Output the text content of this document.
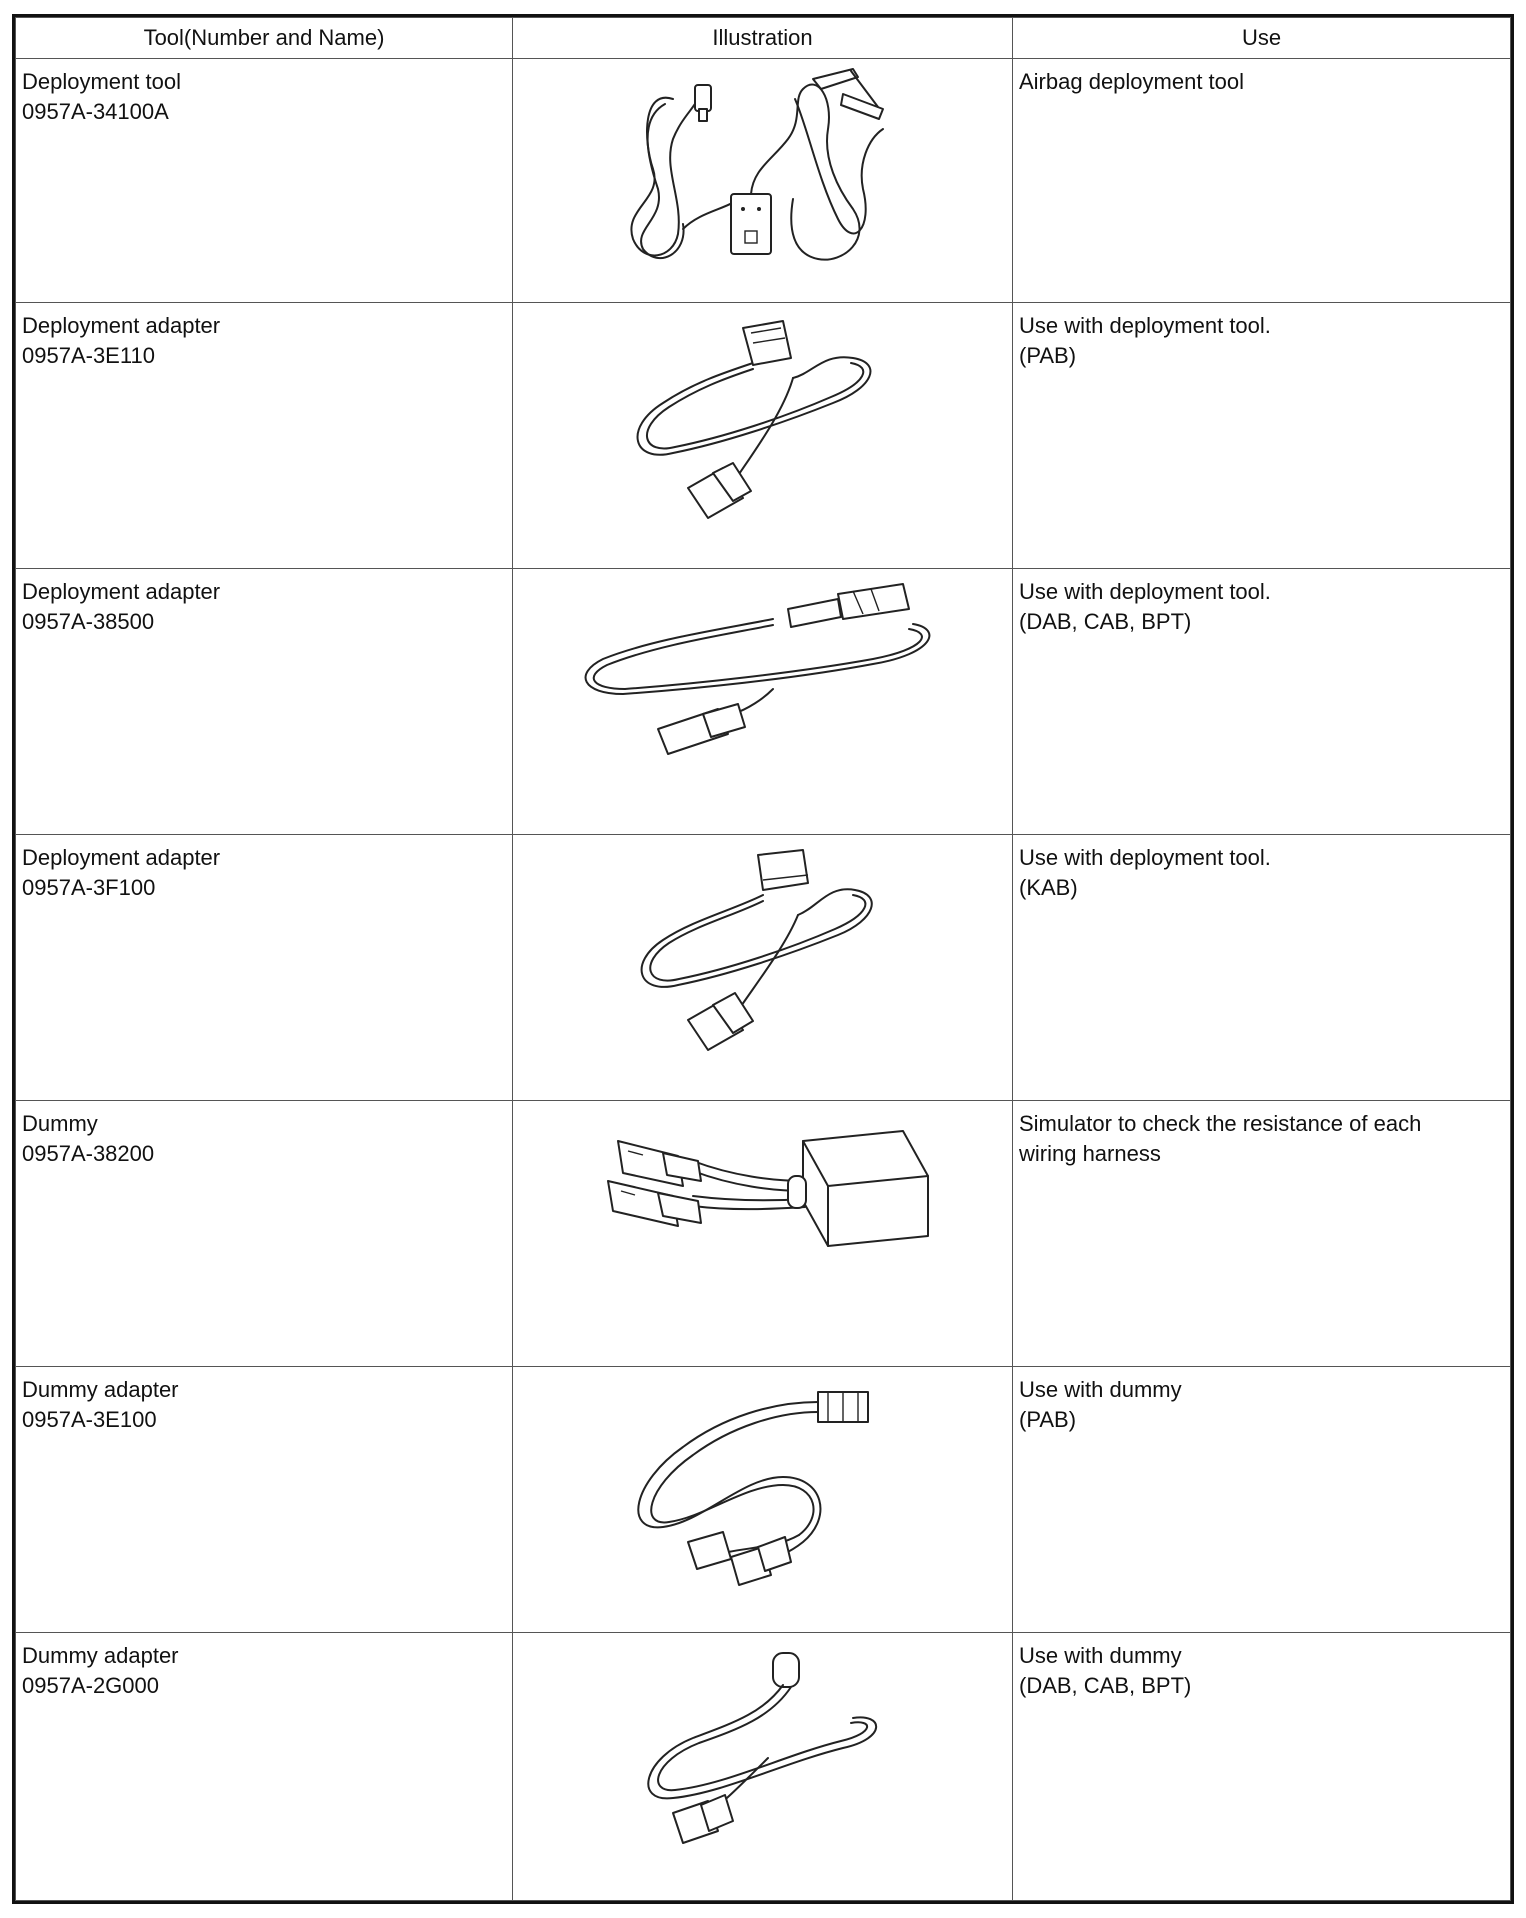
Tool(Number and Name)	Illustration	Use

Deployment tool
0957A-34100A		Airbag deployment tool

Deployment adapter
0957A-3E110		Use with deployment tool.
(PAB)

Deployment adapter
0957A-38500		Use with deployment tool.
(DAB, CAB, BPT)

Deployment adapter
0957A-3F100		Use with deployment tool.
(KAB)

Dummy
0957A-38200		Simulator to check the resistance of each
wiring harness

Dummy adapter
0957A-3E100		Use with dummy
(PAB)

Dummy adapter
0957A-2G000		Use with dummy
(DAB, CAB, BPT)
